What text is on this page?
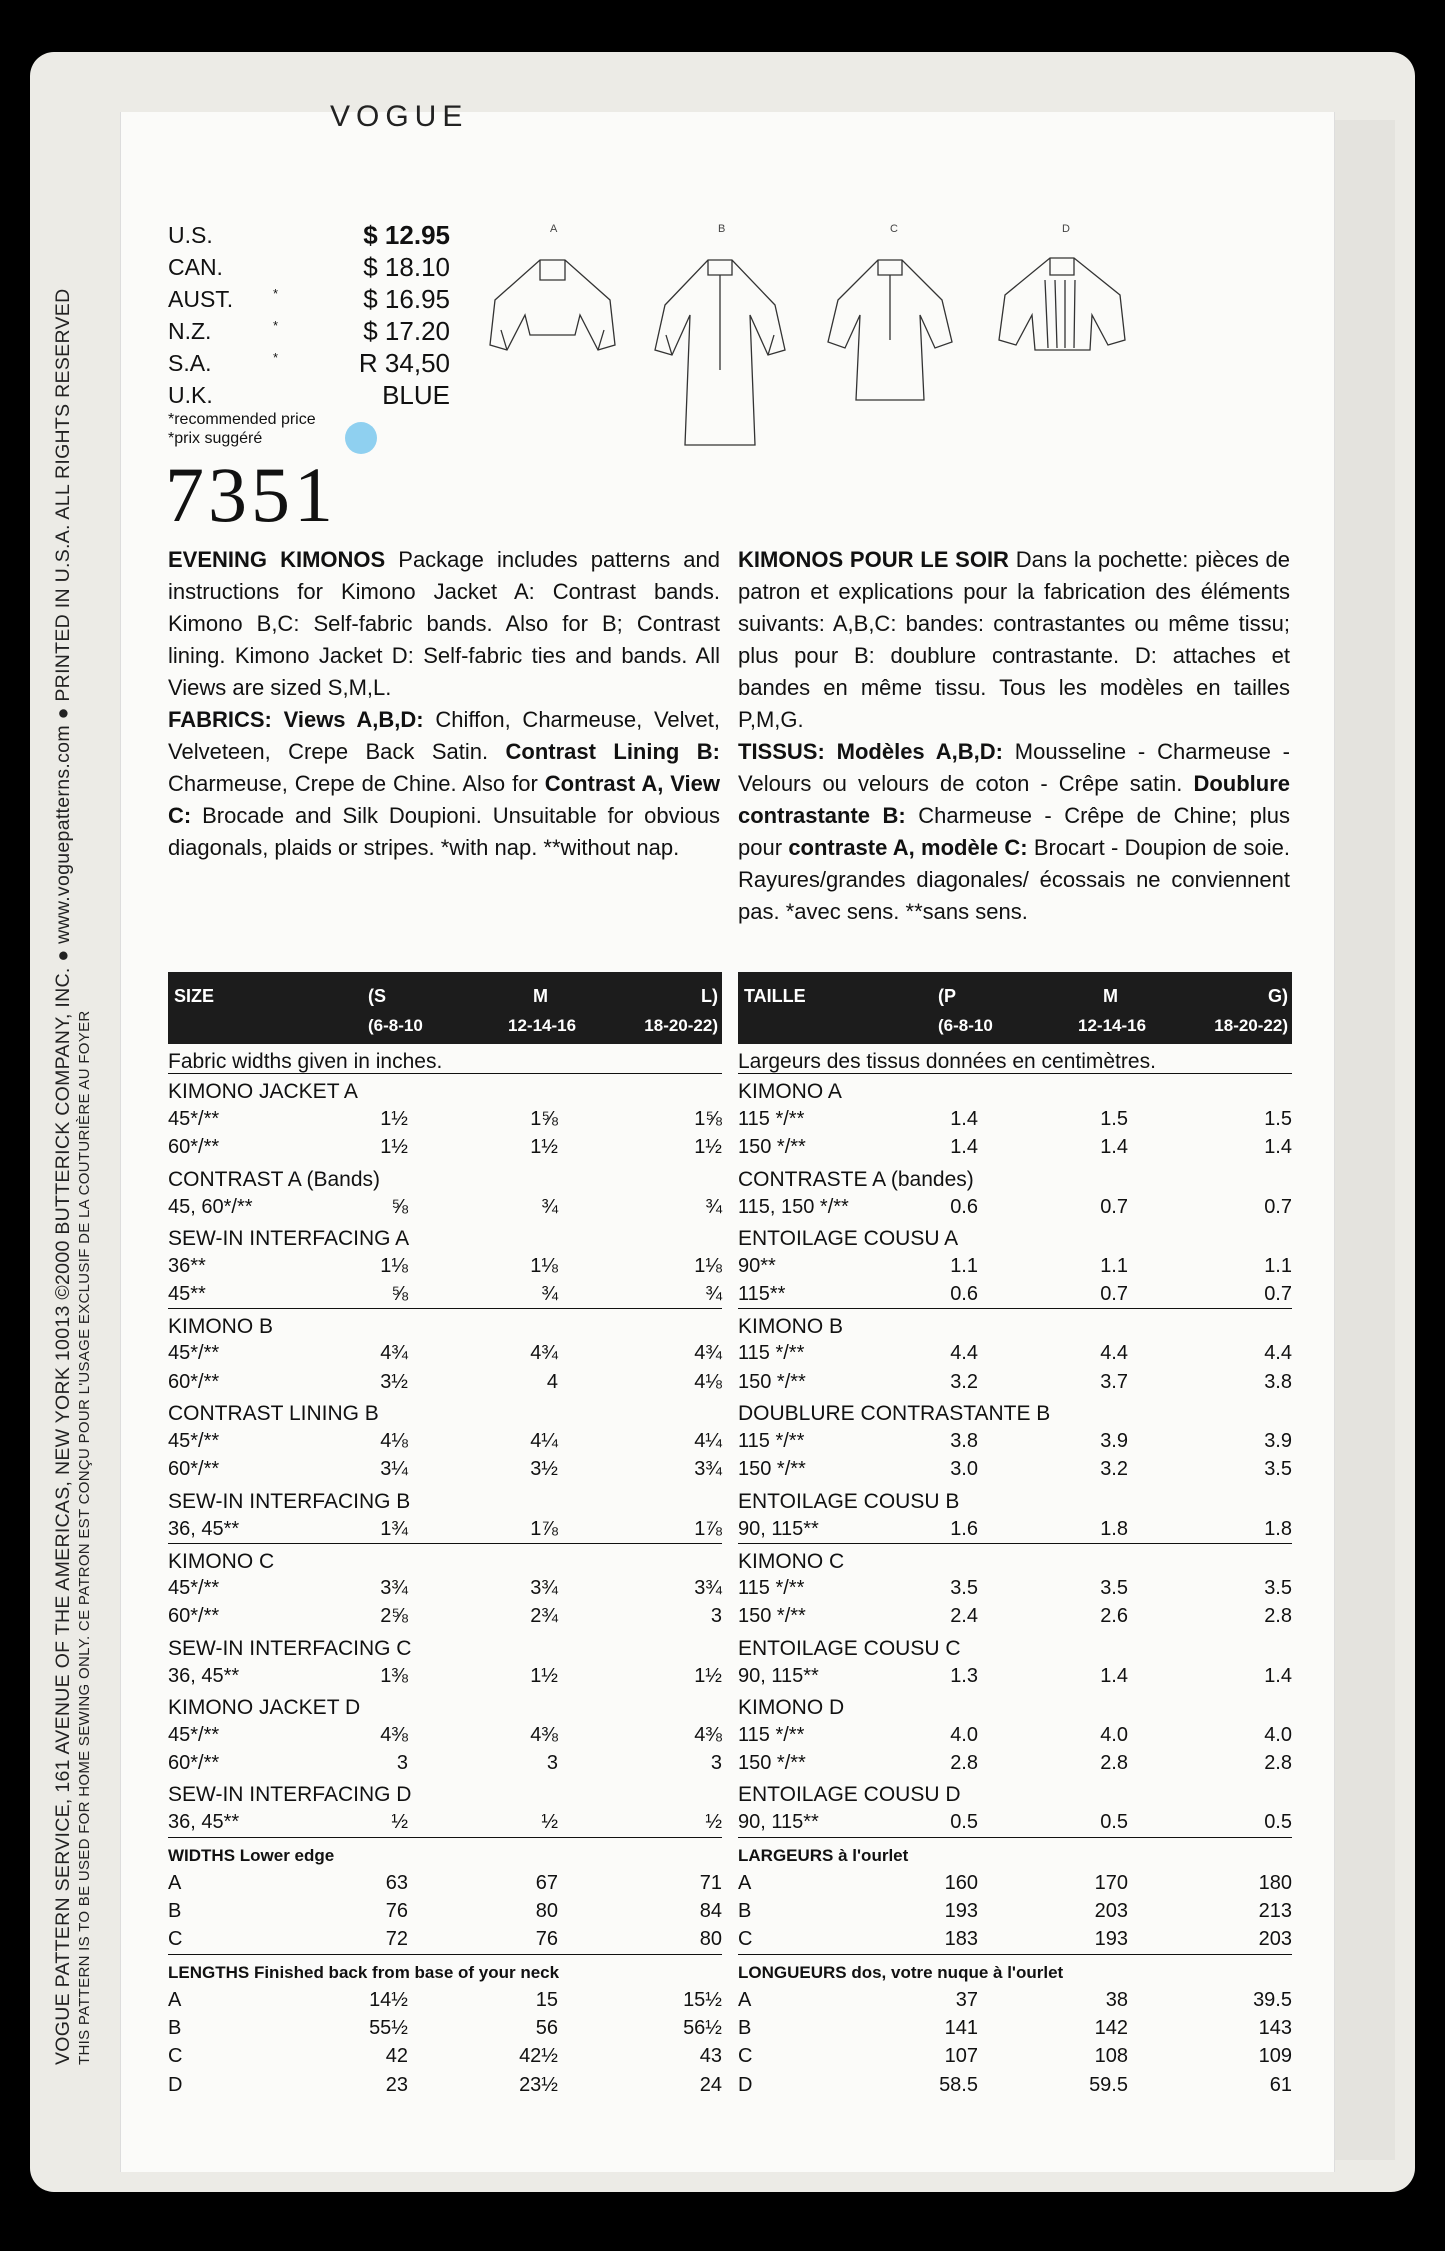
VOGUE PATTERN SERVICE, 161 AVENUE OF THE AMERICAS, NEW YORK 10013 ©2000 BUTTERICK COMPANY, INC. ● www.voguepatterns.com ● PRINTED IN U.S.A. ALL RIGHTS RESERVED THIS PATTERN IS TO BE USED FOR HOME SEWING ONLY. CE PATRON EST CONÇU POUR L'USAGE EXCLUSIF DE LA COUTURIÈRE AU FOYER
U.S.	$ 12.95
CAN.	$ 18.10
AUST.	*	$ 16.95
N.Z.	*	$ 17.20
S.A.	*	R 34,50
U.K.	BLUE
*recommended price
*prix suggéré
7351
A	B	C	D

EVENING KIMONOS Package includes patterns and instructions for Kimono Jacket A: Contrast bands. Kimono B,C: Self-fabric bands. Also for B; Contrast lining. Kimono Jacket D: Self-fabric ties and bands. All Views are sized S,M,L.

FABRICS: Views A,B,D: Chiffon, Charmeuse, Velvet, Velveteen, Crepe Back Satin. Contrast Lining B: Charmeuse, Crepe de Chine. Also for Contrast A, View C: Brocade and Silk Doupioni. Unsuitable for obvious diagonals, plaids or stripes. *with nap. **without nap.

KIMONOS POUR LE SOIR Dans la pochette: pièces de patron et explications pour la fabrication des éléments suivants: A,B,C: bandes: contrastantes ou même tissu; plus pour B: doublure contrastante. D: attaches et bandes en même tissu. Tous les modèles en tailles P,M,G.

TISSUS: Modèles A,B,D: Mousseline - Charmeuse - Velours ou velours de coton - Crêpe satin. Doublure contrastante B: Charmeuse - Crêpe de Chine; plus pour contraste A, modèle C: Brocart - Doupion de soie. Rayures/grandes diagonales/ écossais ne conviennent pas. *avec sens. **sans sens.

SIZE	(S	M	L)
(6-8-10	12-14-16	18-20-22)
Fabric widths given in inches.
KIMONO JACKET A
45*/**	1½	1⅝	1⅝
60*/**	1½	1½	1½
CONTRAST A (Bands)
45, 60*/**	⅝	¾	¾
SEW-IN INTERFACING A
36**	1⅛	1⅛	1⅛
45**	⅝	¾	¾
KIMONO B
45*/**	4¾	4¾	4¾
60*/**	3½	4	4⅛
CONTRAST LINING B
45*/**	4⅛	4¼	4¼
60*/**	3¼	3½	3¾
SEW-IN INTERFACING B
36, 45**	1¾	1⅞	1⅞
KIMONO C
45*/**	3¾	3¾	3¾
60*/**	2⅝	2¾	3
SEW-IN INTERFACING C
36, 45**	1⅜	1½	1½
KIMONO JACKET D
45*/**	4⅜	4⅜	4⅜
60*/**	3	3	3
SEW-IN INTERFACING D
36, 45**	½	½	½
WIDTHS Lower edge
A	63	67	71
B	76	80	84
C	72	76	80
LENGTHS Finished back from base of your neck
A	14½	15	15½
B	55½	56	56½
C	42	42½	43
D	23	23½	24
TAILLE	(P	M	G)
(6-8-10	12-14-16	18-20-22)
Largeurs des tissus données en centimètres.
KIMONO A
115 */**	1.4	1.5	1.5
150 */**	1.4	1.4	1.4
CONTRASTE A (bandes)
115, 150 */**	0.6	0.7	0.7
ENTOILAGE COUSU A
90**	1.1	1.1	1.1
115**	0.6	0.7	0.7
KIMONO B
115 */**	4.4	4.4	4.4
150 */**	3.2	3.7	3.8
DOUBLURE CONTRASTANTE B
115 */**	3.8	3.9	3.9
150 */**	3.0	3.2	3.5
ENTOILAGE COUSU B
90, 115**	1.6	1.8	1.8
KIMONO C
115 */**	3.5	3.5	3.5
150 */**	2.4	2.6	2.8
ENTOILAGE COUSU C
90, 115**	1.3	1.4	1.4
KIMONO D
115 */**	4.0	4.0	4.0
150 */**	2.8	2.8	2.8
ENTOILAGE COUSU D
90, 115**	0.5	0.5	0.5
LARGEURS à l'ourlet
A	160	170	180
B	193	203	213
C	183	193	203
LONGUEURS dos, votre nuque à l'ourlet
A	37	38	39.5
B	141	142	143
C	107	108	109
D	58.5	59.5	61
